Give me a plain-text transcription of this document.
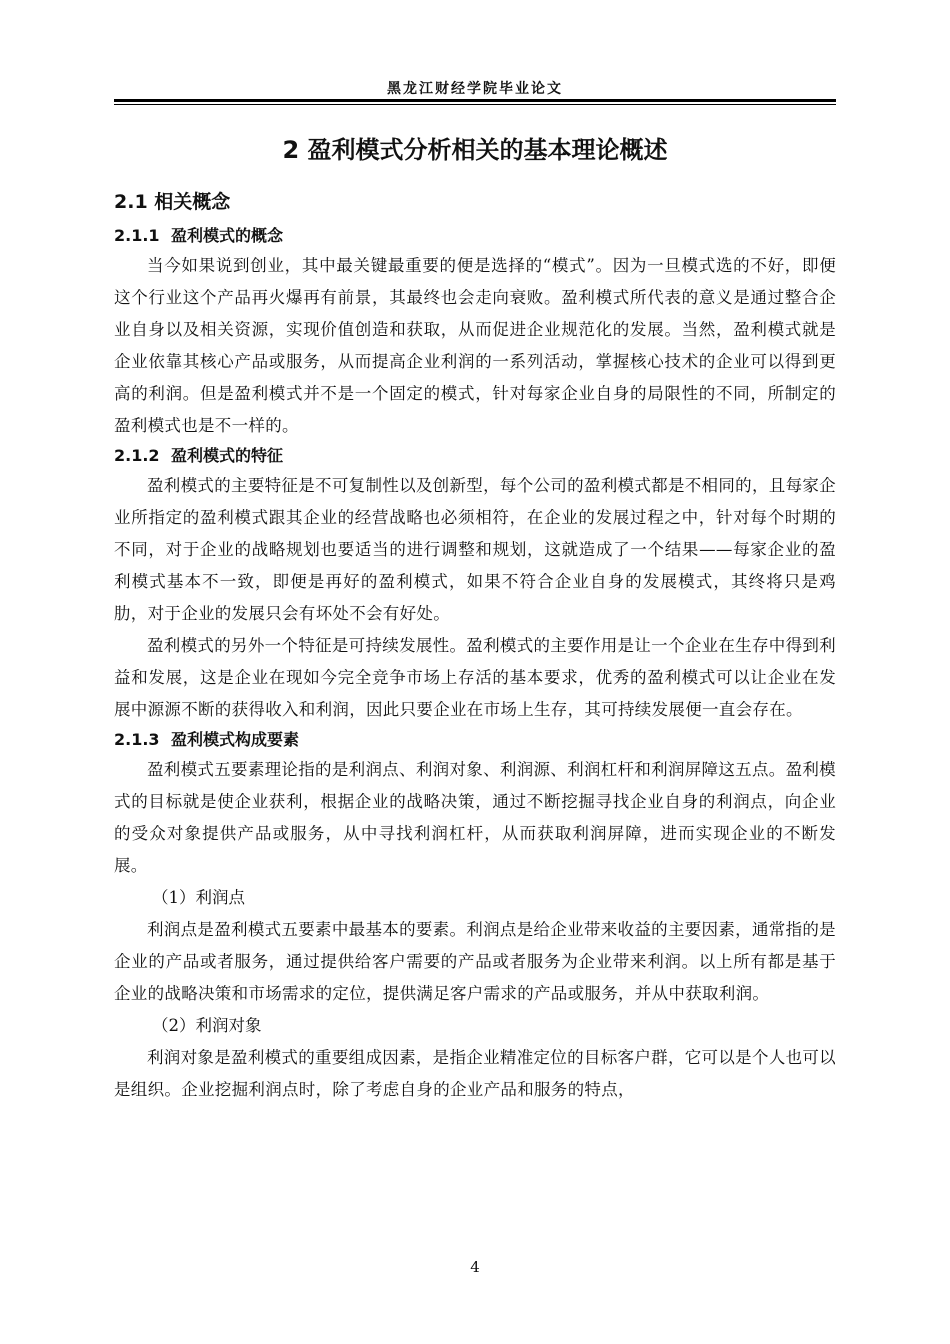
黑龙江财经学院毕业论文
2 盈利模式分析相关的基本理论概述
2.1 相关概念
2.1.1 盈利模式的概念

当今如果说到创业，其中最关键最重要的便是选择的“模式”。因为一旦模式选的不好，即便这个行业这个产品再火爆再有前景，其最终也会走向衰败。盈利模式所代表的意义是通过整合企业自身以及相关资源，实现价值创造和获取，从而促进企业规范化的发展。当然，盈利模式就是企业依靠其核心产品或服务，从而提高企业利润的一系列活动，掌握核心技术的企业可以得到更高的利润。但是盈利模式并不是一个固定的模式，针对每家企业自身的局限性的不同，所制定的盈利模式也是不一样的。

2.1.2 盈利模式的特征

盈利模式的主要特征是不可复制性以及创新型，每个公司的盈利模式都是不相同的，且每家企业所指定的盈利模式跟其企业的经营战略也必须相符，在企业的发展过程之中，针对每个时期的不同，对于企业的战略规划也要适当的进行调整和规划，这就造成了一个结果——每家企业的盈利模式基本不一致，即便是再好的盈利模式，如果不符合企业自身的发展模式，其终将只是鸡肋，对于企业的发展只会有坏处不会有好处。

盈利模式的另外一个特征是可持续发展性。盈利模式的主要作用是让一个企业在生存中得到利益和发展，这是企业在现如今完全竞争市场上存活的基本要求，优秀的盈利模式可以让企业在发展中源源不断的获得收入和利润，因此只要企业在市场上生存，其可持续发展便一直会存在。

2.1.3 盈利模式构成要素

盈利模式五要素理论指的是利润点、利润对象、利润源、利润杠杆和利润屏障这五点。盈利模式的目标就是使企业获利，根据企业的战略决策，通过不断挖掘寻找企业自身的利润点，向企业的受众对象提供产品或服务，从中寻找利润杠杆，从而获取利润屏障，进而实现企业的不断发展。

（1）利润点

利润点是盈利模式五要素中最基本的要素。利润点是给企业带来收益的主要因素，通常指的是企业的产品或者服务，通过提供给客户需要的产品或者服务为企业带来利润。以上所有都是基于企业的战略决策和市场需求的定位，提供满足客户需求的产品或服务，并从中获取利润。

（2）利润对象

利润对象是盈利模式的重要组成因素，是指企业精准定位的目标客户群，它可以是个人也可以是组织。企业挖掘利润点时，除了考虑自身的企业产品和服务的特点，

4
